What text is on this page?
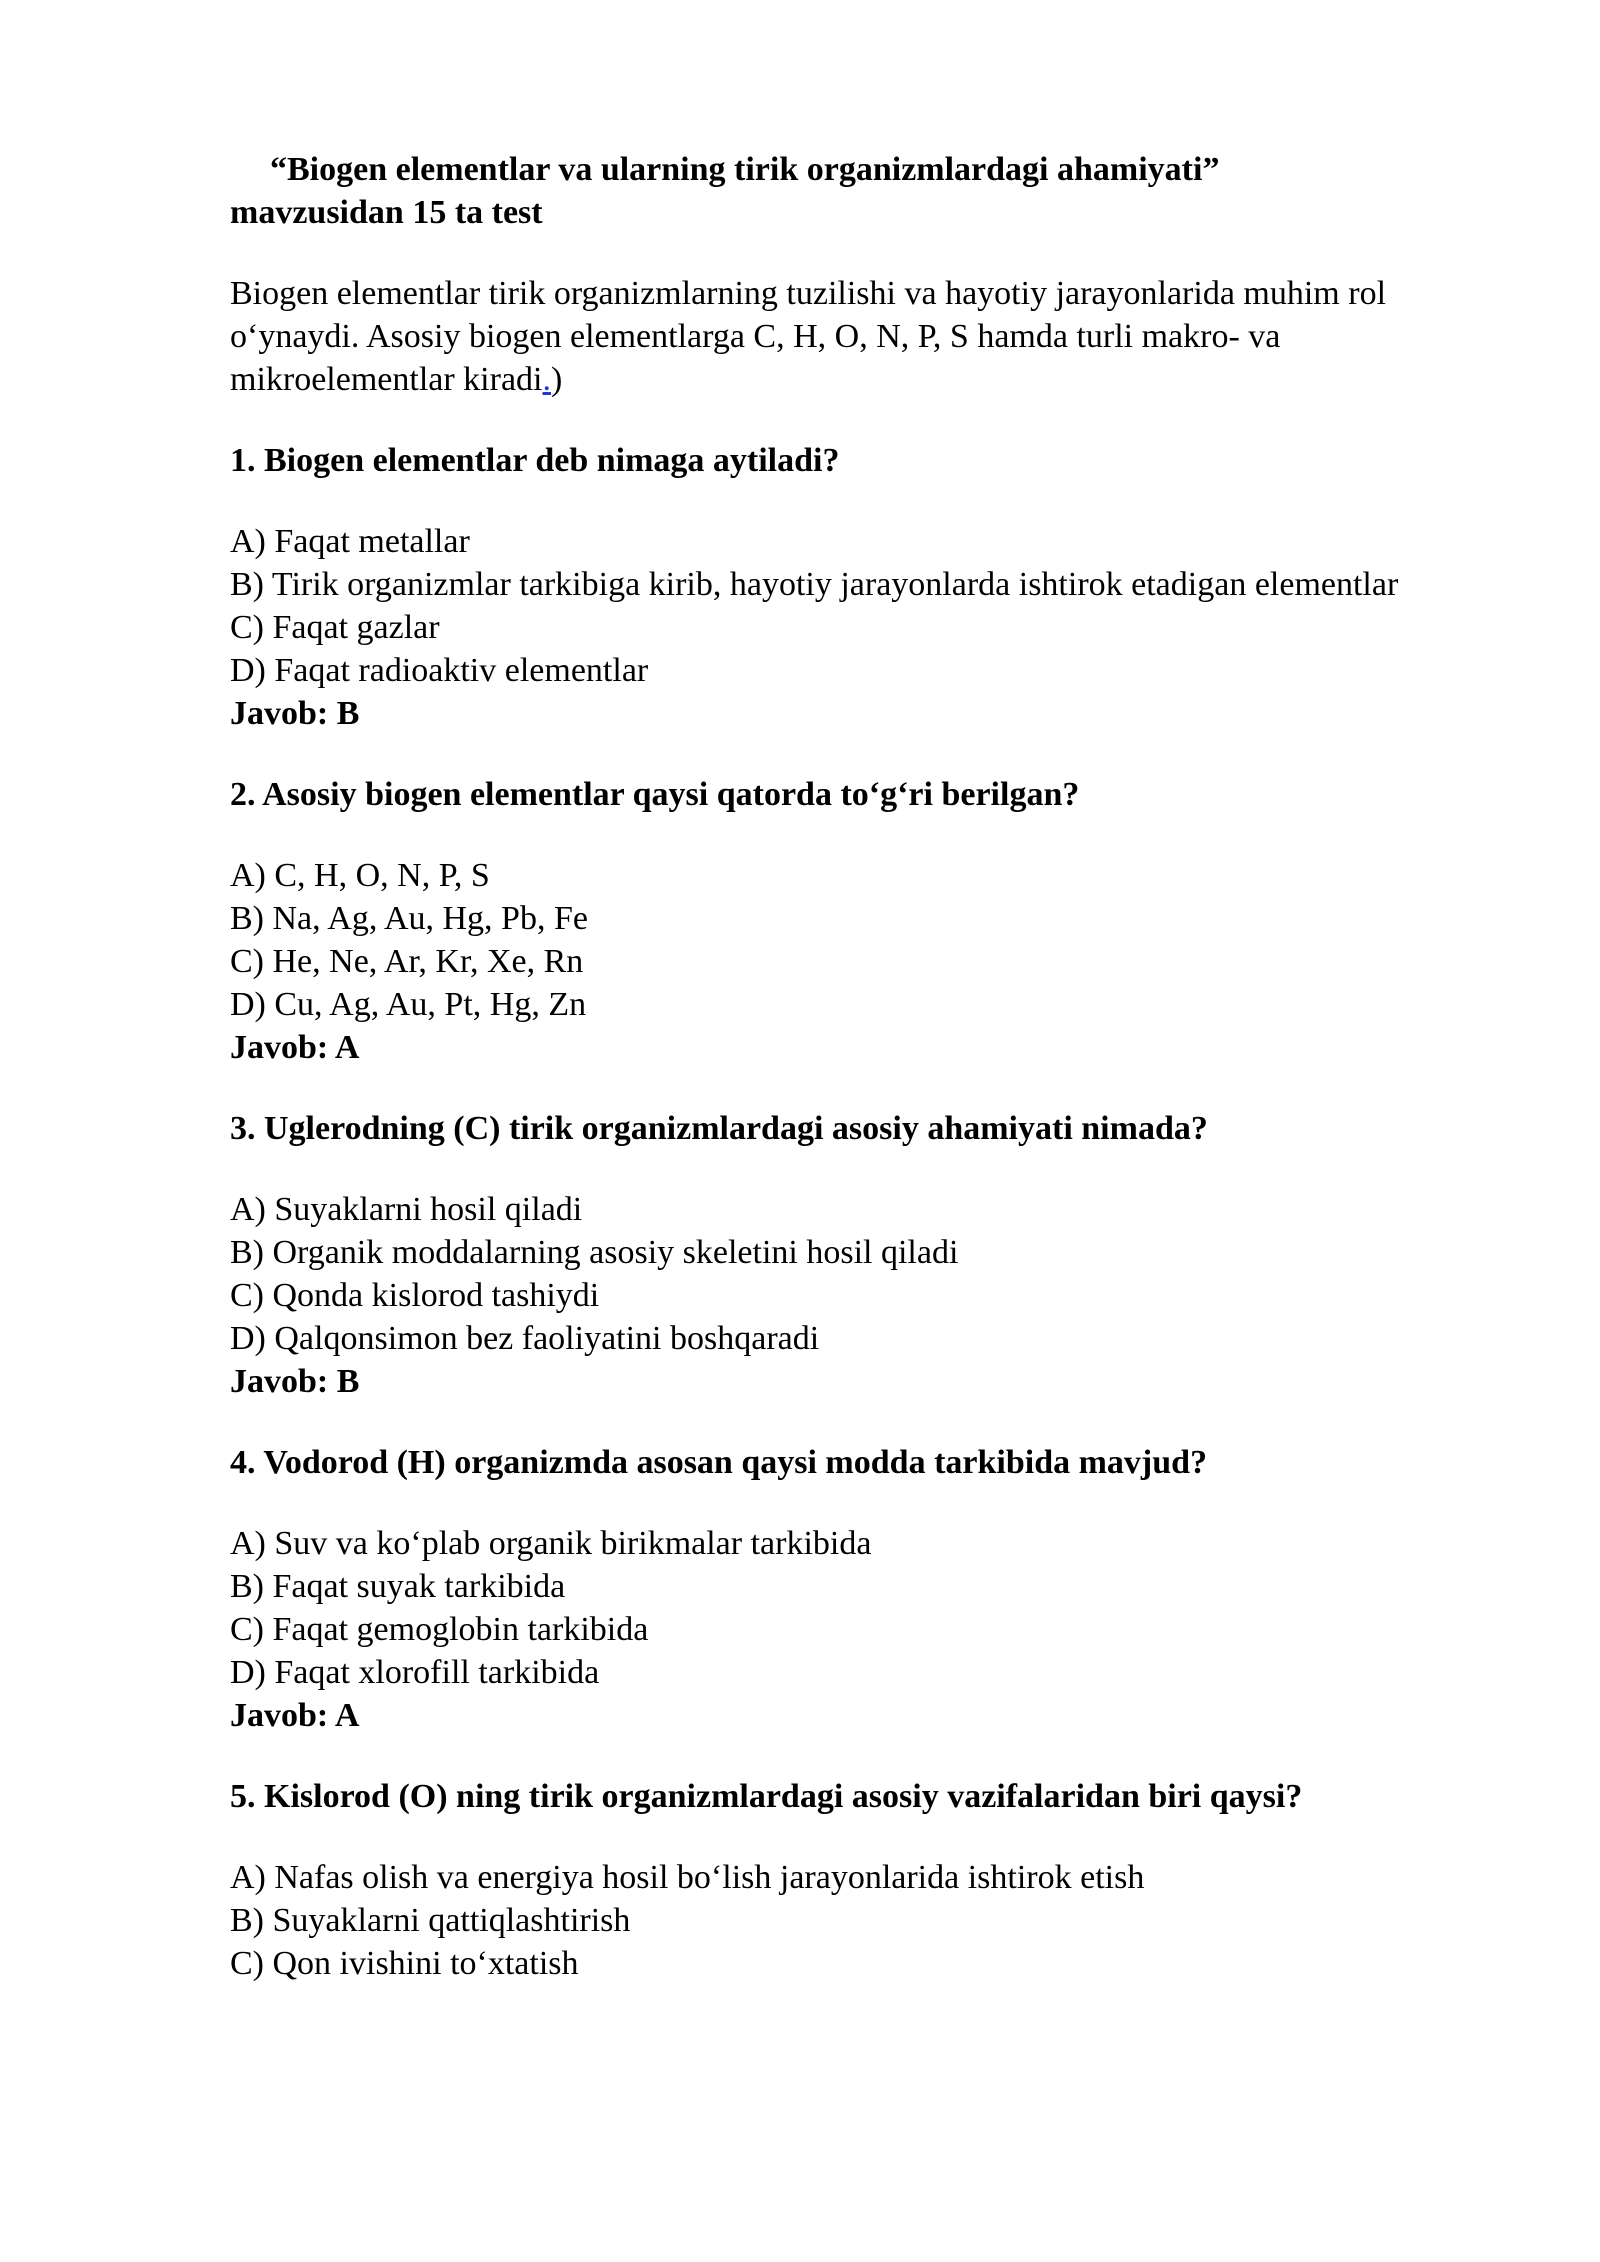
“Biogen elementlar va ularning tirik organizmlardagi ahamiyati”
mavzusidan 15 ta test

Biogen elementlar tirik organizmlarning tuzilishi va hayotiy jarayonlarida muhim rol o‘ynaydi. Asosiy biogen elementlarga C, H, O, N, P, S hamda turli makro- va mikroelementlar kiradi.)

1. Biogen elementlar deb nimaga aytiladi?

A) Faqat metallar

B) Tirik organizmlar tarkibiga kirib, hayotiy jarayonlarda ishtirok etadigan elementlar

C) Faqat gazlar

D) Faqat radioaktiv elementlar

Javob: B

2. Asosiy biogen elementlar qaysi qatorda to‘g‘ri berilgan?

A) C, H, O, N, P, S

B) Na, Ag, Au, Hg, Pb, Fe

C) He, Ne, Ar, Kr, Xe, Rn

D) Cu, Ag, Au, Pt, Hg, Zn

Javob: A

3. Uglerodning (C) tirik organizmlardagi asosiy ahamiyati nimada?

A) Suyaklarni hosil qiladi

B) Organik moddalarning asosiy skeletini hosil qiladi

C) Qonda kislorod tashiydi

D) Qalqonsimon bez faoliyatini boshqaradi

Javob: B

4. Vodorod (H) organizmda asosan qaysi modda tarkibida mavjud?

A) Suv va ko‘plab organik birikmalar tarkibida

B) Faqat suyak tarkibida

C) Faqat gemoglobin tarkibida

D) Faqat xlorofill tarkibida

Javob: A

5. Kislorod (O) ning tirik organizmlardagi asosiy vazifalaridan biri qaysi?

A) Nafas olish va energiya hosil bo‘lish jarayonlarida ishtirok etish

B) Suyaklarni qattiqlashtirish

C) Qon ivishini to‘xtatish
